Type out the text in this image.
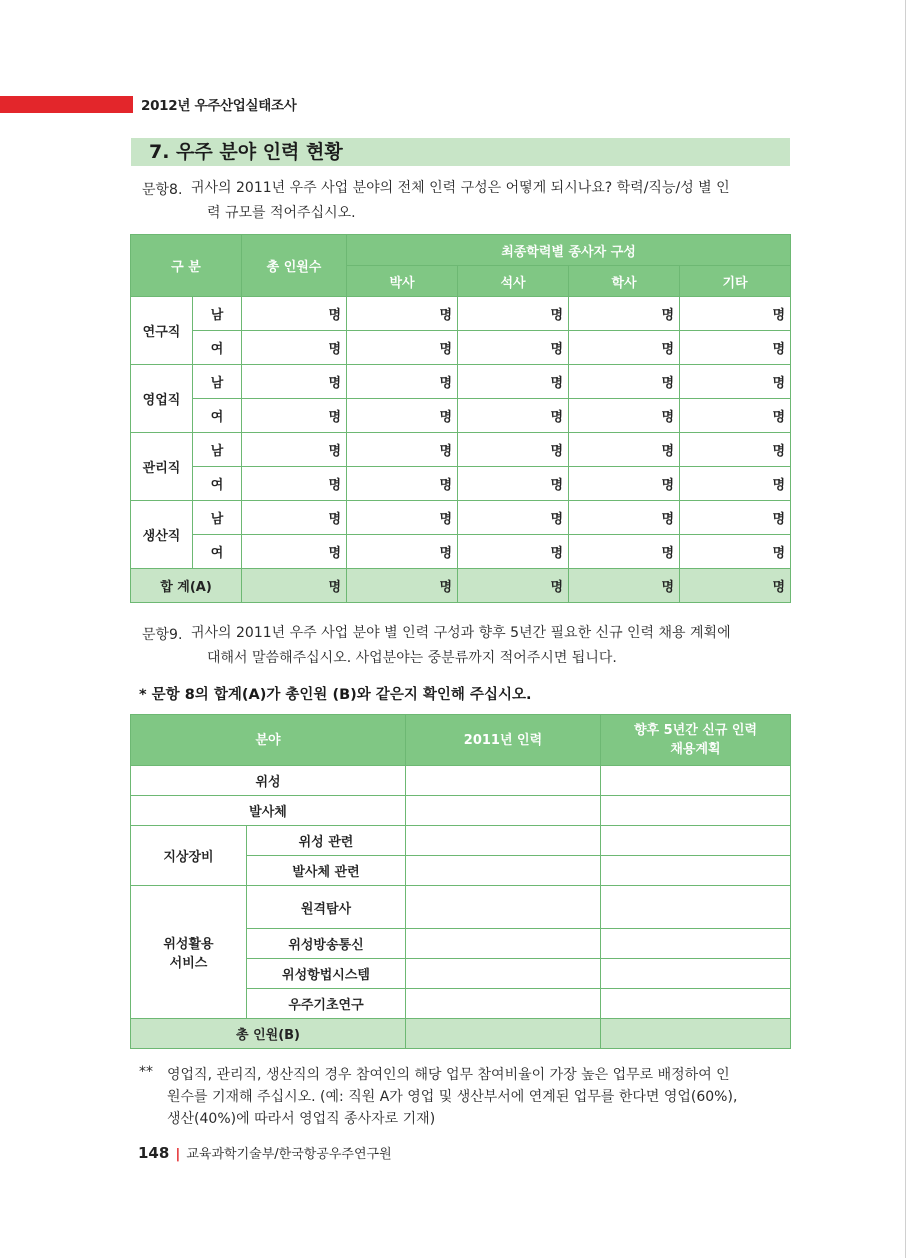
2012년 우주산업실태조사
7. 우주 분야 인력 현황
문항8. 귀사의 2011년 우주 사업 분야의 전체 인력 구성은 어떻게 되시나요? 학력/직능/성 별 인
력 규모를 적어주십시오.
구 분		총 인원수	최종학력별 종사자 구성			
			박사	석사	학사	기타
연구직	남	명	명	명	명	명
	여	명	명	명	명	명
영업직	남	명	명	명	명	명
	여	명	명	명	명	명
관리직	남	명	명	명	명	명
	여	명	명	명	명	명
생산직	남	명	명	명	명	명
	여	명	명	명	명	명
합 계(A)		명	명	명	명	명
문항9. 귀사의 2011년 우주 사업 분야 별 인력 구성과 향후 5년간 필요한 신규 인력 채용 계획에
대해서 말씀해주십시오. 사업분야는 중분류까지 적어주시면 됩니다.
* 문항 8의 합계(A)가 총인원 (B)와 같은지 확인해 주십시오.
분야		2011년 인력	향후 5년간 신규 인력
채용계획

위성			
발사체			
지상장비	위성 관련		
	발사체 관련		

위성활용
서비스	원격탐사		
	위성방송통신		
	위성항법시스템		
	우주기초연구		
총 인원(B)			
** 영업직, 관리직, 생산직의 경우 참여인의 해당 업무 참여비율이 가장 높은 업무로 배정하여 인
원수를 기재해 주십시오. (예: 직원 A가 영업 및 생산부서에 연계된 업무를 한다면 영업(60%),
생산(40%)에 따라서 영업직 종사자로 기재)
148 | 교육과학기술부/한국항공우주연구원
